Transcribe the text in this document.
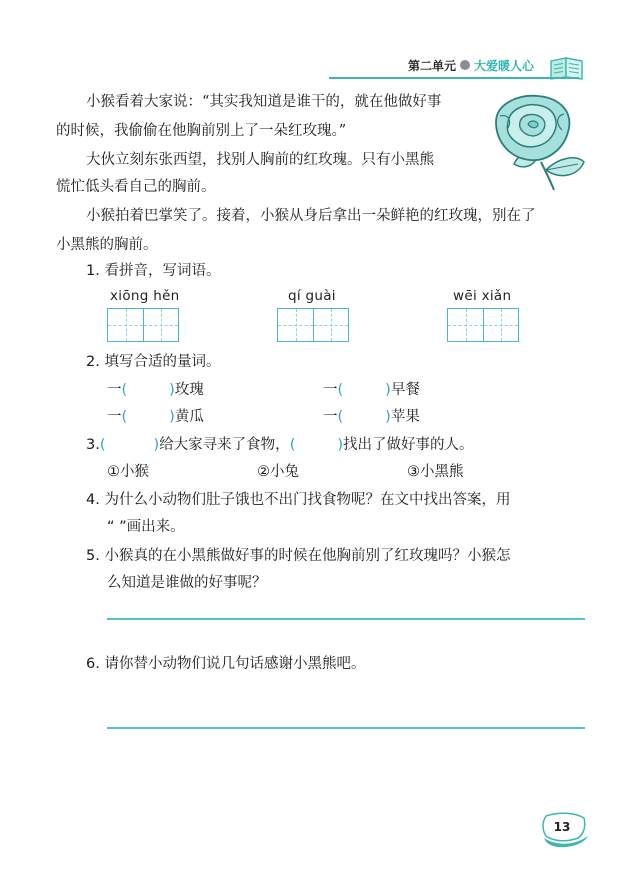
第二单元 大爱暖人心
小猴看着大家说：“其实我知道是谁干的，就在他做好事
的时候，我偷偷在他胸前别上了一朵红玫瑰。”
大伙立刻东张西望，找别人胸前的红玫瑰。只有小黑熊
慌忙低头看自己的胸前。
小猴拍着巴掌笑了。接着，小猴从身后拿出一朵鲜艳的红玫瑰，别在了
小黑熊的胸前。
1. 看拼音，写词语。
xiōng hěn	qí guài	wēi xiǎn
2. 填写合适的量词。
一(	)玫瑰	一(	)早餐
一(	)黄瓜	一(	)苹果
3.(	)给大家寻来了食物，(	)找出了做好事的人。
①小猴	②小兔	③小黑熊
4. 为什么小动物们肚子饿也不出门找食物呢？在文中找出答案，用
“ ”画出来。
5. 小猴真的在小黑熊做好事的时候在他胸前别了红玫瑰吗？小猴怎
么知道是谁做的好事呢？
6. 请你替小动物们说几句话感谢小黑熊吧。
13
